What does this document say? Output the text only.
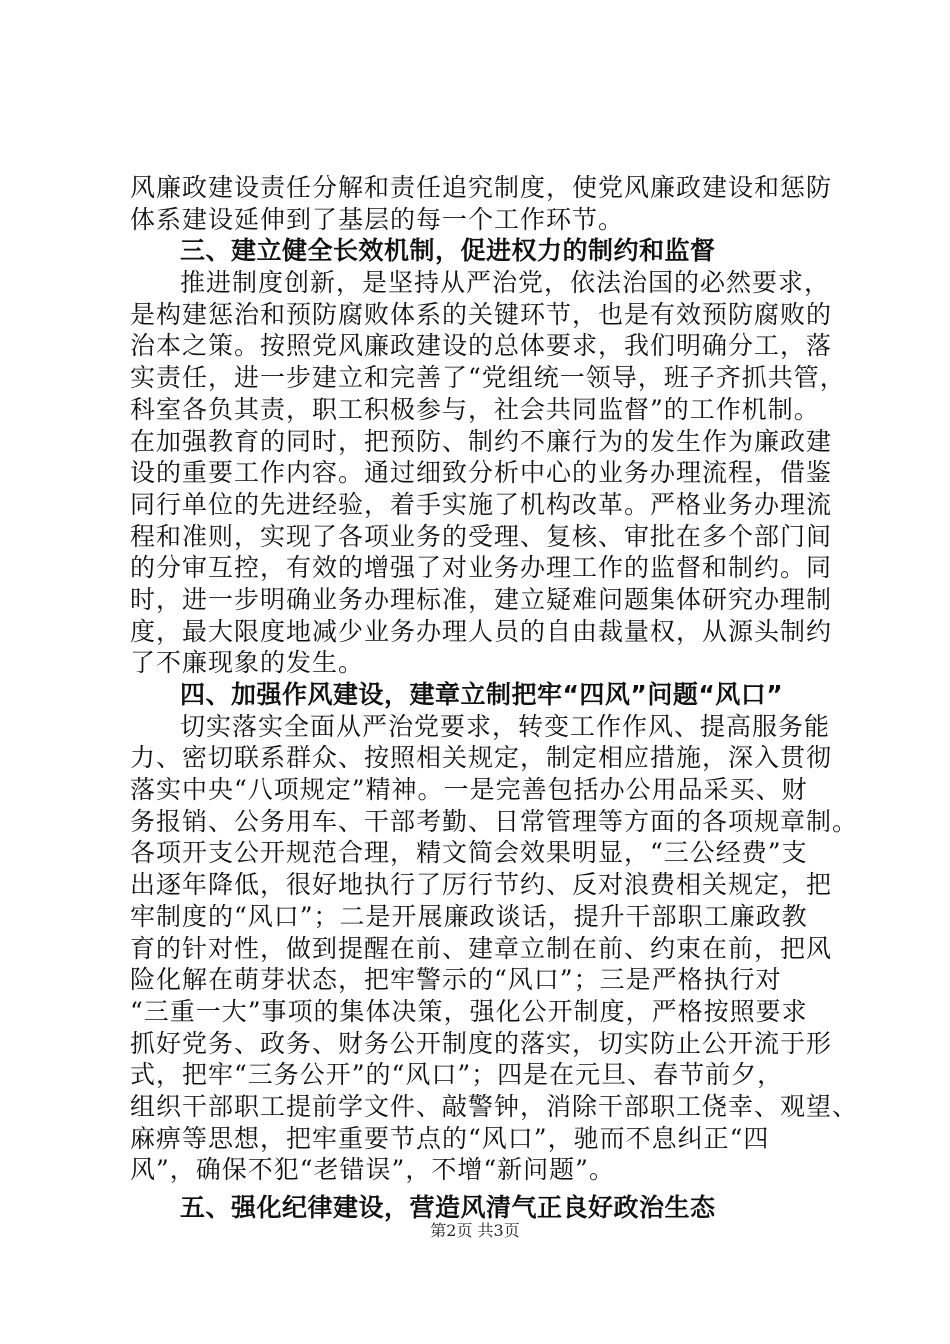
风廉政建设责任分解和责任追究制度，使党风廉政建设和惩防
体系建设延伸到了基层的每一个工作环节。
三、建立健全长效机制，促进权力的制约和监督
推进制度创新，是坚持从严治党，依法治国的必然要求，
是构建惩治和预防腐败体系的关键环节，也是有效预防腐败的
治本之策。按照党风廉政建设的总体要求，我们明确分工，落
实责任，进一步建立和完善了“党组统一领导，班子齐抓共管，
科室各负其责，职工积极参与，社会共同监督”的工作机制。
在加强教育的同时，把预防、制约不廉行为的发生作为廉政建
设的重要工作内容。通过细致分析中心的业务办理流程，借鉴
同行单位的先进经验，着手实施了机构改革。严格业务办理流
程和准则，实现了各项业务的受理、复核、审批在多个部门间
的分审互控，有效的增强了对业务办理工作的监督和制约。同
时，进一步明确业务办理标准，建立疑难问题集体研究办理制
度，最大限度地减少业务办理人员的自由裁量权，从源头制约
了不廉现象的发生。
四、加强作风建设，建章立制把牢“四风”问题“风口”
切实落实全面从严治党要求，转变工作作风、提高服务能
力、密切联系群众、按照相关规定，制定相应措施，深入贯彻
落实中央“八项规定”精神。一是完善包括办公用品采买、财
务报销、公务用车、干部考勤、日常管理等方面的各项规章制。
各项开支公开规范合理，精文简会效果明显，“三公经费”支
出逐年降低，很好地执行了厉行节约、反对浪费相关规定，把
牢制度的“风口”；二是开展廉政谈话，提升干部职工廉政教
育的针对性，做到提醒在前、建章立制在前、约束在前，把风
险化解在萌芽状态，把牢警示的“风口”；三是严格执行对
“三重一大”事项的集体决策，强化公开制度，严格按照要求
抓好党务、政务、财务公开制度的落实，切实防止公开流于形
式，把牢“三务公开”的“风口”；四是在元旦、春节前夕，
组织干部职工提前学文件、敲警钟，消除干部职工侥幸、观望、
麻痹等思想，把牢重要节点的“风口”，驰而不息纠正“四
风”，确保不犯“老错误”，不增“新问题”。
五、强化纪律建设，营造风清气正良好政治生态
第2页 共3页
